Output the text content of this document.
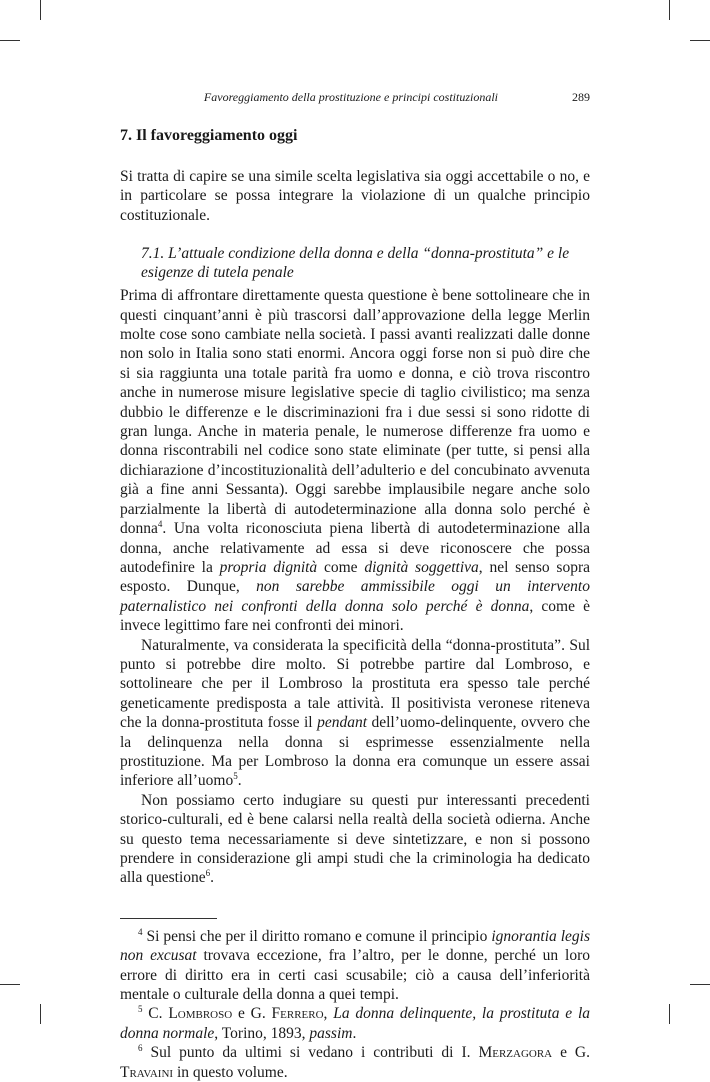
Favoreggiamento della prostituzione e principi costituzionali	289
7. Il favoreggiamento oggi

Si tratta di capire se una simile scelta legislativa sia oggi accettabile o no, e in particolare se possa integrare la violazione di un qualche principio costituzionale.

7.1. L’attuale condizione della donna e della “donna-prostituta” e le esigenze di tutela penale

Prima di affrontare direttamente questa questione è bene sottolineare che in questi cinquant’anni è più trascorsi dall’approvazione della legge Merlin molte cose sono cambiate nella società. I passi avanti realizzati dalle donne non solo in Italia sono stati enormi. Ancora oggi forse non si può dire che si sia raggiunta una totale parità fra uomo e donna, e ciò trova riscontro anche in numerose misure legislative specie di taglio civilistico; ma senza dubbio le differenze e le discriminazioni fra i due sessi si sono ridotte di gran lunga. Anche in materia penale, le numerose differenze fra uomo e donna riscontrabili nel codice sono state eliminate (per tutte, si pensi alla dichiarazione d’incostituzionalità dell’adulterio e del concubinato avvenuta già a fine anni Sessanta). Oggi sarebbe implausibile negare anche solo parzialmente la libertà di autodeterminazione alla donna solo perché è donna$^4$. Una volta riconosciuta piena libertà di autodeterminazione alla donna, anche relativamente ad essa si deve riconoscere che possa autodefinire la propria dignità come dignità soggettiva, nel senso sopra esposto. Dunque, non sarebbe ammissibile oggi un intervento paternalistico nei confronti della donna solo perché è donna, come è invece legittimo fare nei confronti dei minori.

Naturalmente, va considerata la specificità della “donna-prostituta”. Sul punto si potrebbe dire molto. Si potrebbe partire dal Lombroso, e sottolineare che per il Lombroso la prostituta era spesso tale perché geneticamente predisposta a tale attività. Il positivista veronese riteneva che la donna-prostituta fosse il pendant dell’uomo-delinquente, ovvero che la delinquenza nella donna si esprimesse essenzialmente nella prostituzione. Ma per Lombroso la donna era comunque un essere assai inferiore all’uomo$^5$.

Non possiamo certo indugiare su questi pur interessanti precedenti storico-culturali, ed è bene calarsi nella realtà della società odierna. Anche su questo tema necessariamente si deve sintetizzare, e non si possono prendere in considerazione gli ampi studi che la criminologia ha dedicato alla questione$^6$.

$^4$ Si pensi che per il diritto romano e comune il principio ignorantia legis non excusat trovava eccezione, fra l’altro, per le donne, perché un loro errore di diritto era in certi casi scusabile; ciò a causa dell’inferiorità mentale o culturale della donna a quei tempi.

$^5$ C. Lombroso e G. Ferrero, La donna delinquente, la prostituta e la donna normale, Torino, 1893, passim.

$^6$ Sul punto da ultimi si vedano i contributi di I. Merzagora e G. Travaini in questo volume.
